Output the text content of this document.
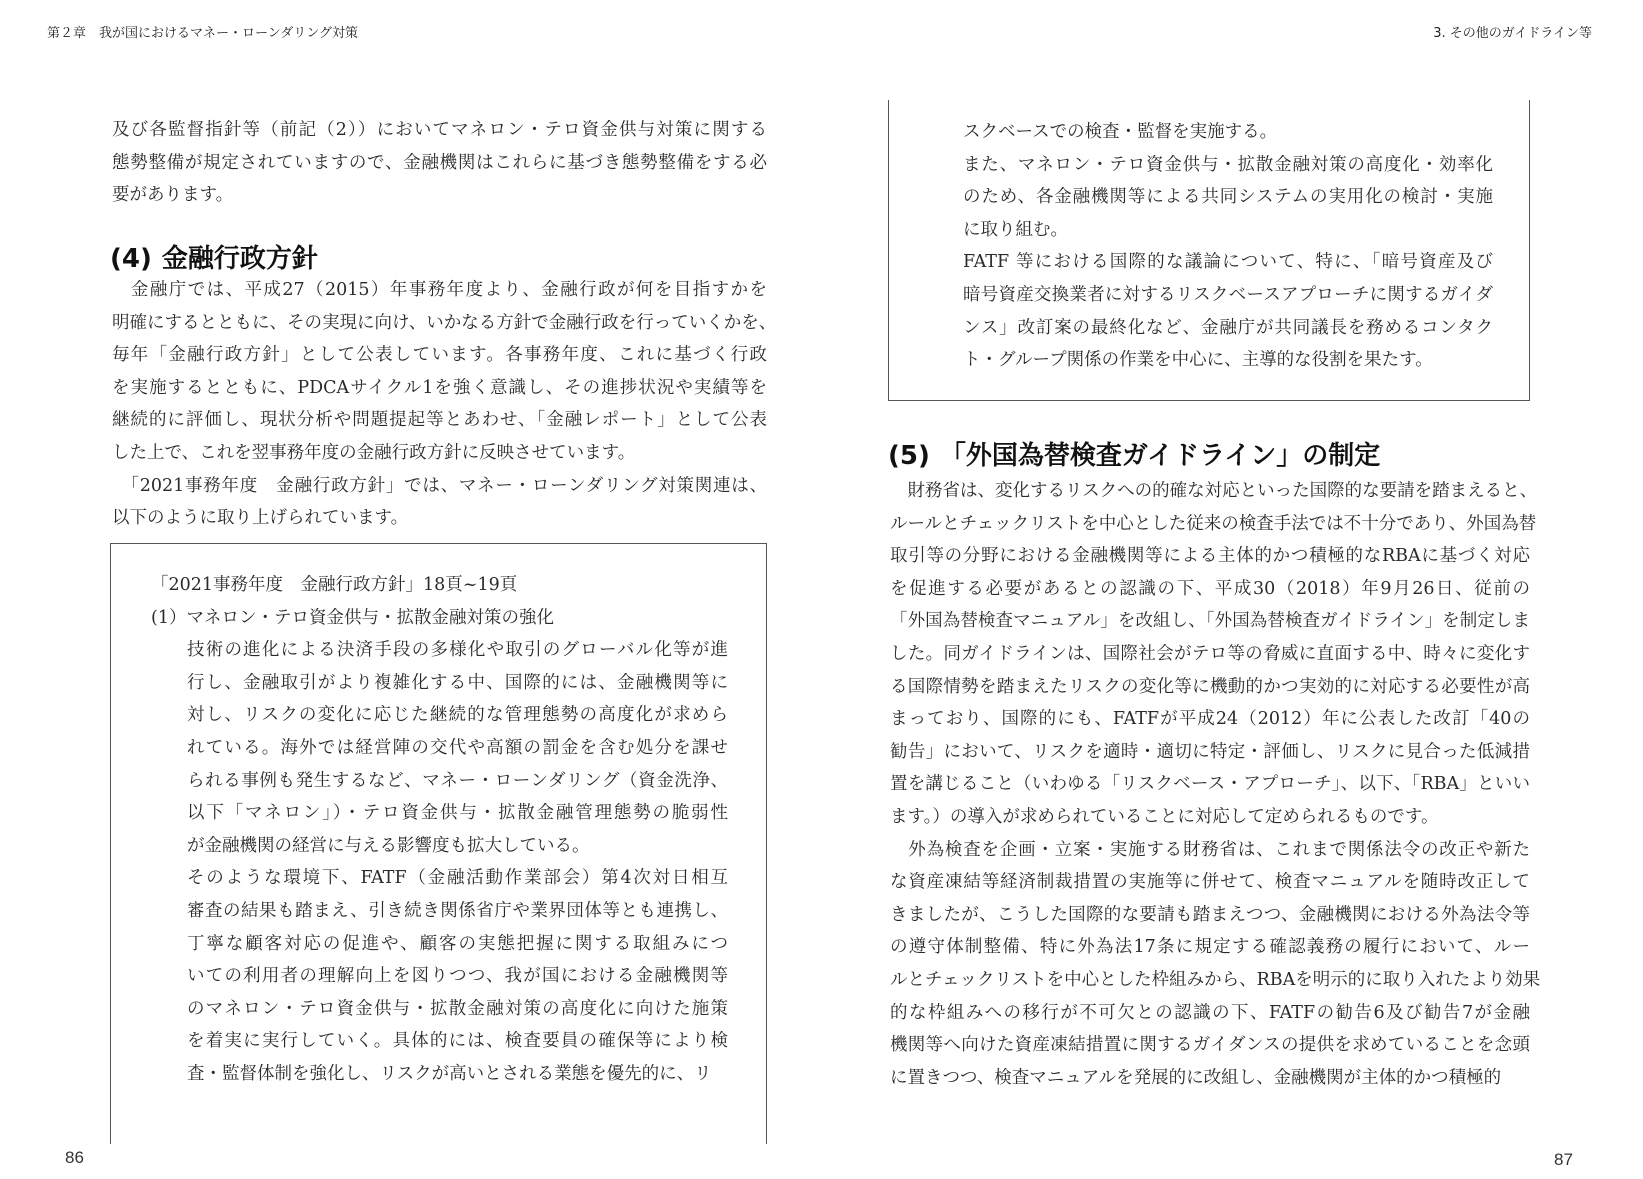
第２章　我が国におけるマネー・ローンダリング対策
及び各監督指針等（前記（2））においてマネロン・テロ資金供与対策に関する
態勢整備が規定されていますので、金融機関はこれらに基づき態勢整備をする必
要があります。
(4) 金融行政方針
　金融庁では、平成27（2015）年事務年度より、金融行政が何を目指すかを
明確にするとともに、その実現に向け、いかなる方針で金融行政を行っていくかを、
毎年「金融行政方針」として公表しています。各事務年度、これに基づく行政
を実施するとともに、PDCAサイクル1を強く意識し、その進捗状況や実績等を
継続的に評価し、現状分析や問題提起等とあわせ、「金融レポート」として公表
した上で、これを翌事務年度の金融行政方針に反映させています。
　「2021事務年度　金融行政方針」では、マネー・ローンダリング対策関連は、
以下のように取り上げられています。
「2021事務年度　金融行政方針」18頁~19頁
(1）マネロン・テロ資金供与・拡散金融対策の強化
技術の進化による決済手段の多様化や取引のグローバル化等が進
行し、金融取引がより複雑化する中、国際的には、金融機関等に
対し、リスクの変化に応じた継続的な管理態勢の高度化が求めら
れている。海外では経営陣の交代や高額の罰金を含む処分を課せ
られる事例も発生するなど、マネー・ローンダリング（資金洗浄、
以下「マネロン」）・テロ資金供与・拡散金融管理態勢の脆弱性
が金融機関の経営に与える影響度も拡大している。
そのような環境下、FATF（金融活動作業部会）第4次対日相互
審査の結果も踏まえ、引き続き関係省庁や業界団体等とも連携し、
丁寧な顧客対応の促進や、顧客の実態把握に関する取組みにつ
いての利用者の理解向上を図りつつ、我が国における金融機関等
のマネロン・テロ資金供与・拡散金融対策の高度化に向けた施策
を着実に実行していく。具体的には、検査要員の確保等により検
査・監督体制を強化し、リスクが高いとされる業態を優先的に、リ
86
3. その他のガイドライン等
スクベースでの検査・監督を実施する。
また、マネロン・テロ資金供与・拡散金融対策の高度化・効率化
のため、各金融機関等による共同システムの実用化の検討・実施
に取り組む。
FATF 等における国際的な議論について、特に、「暗号資産及び
暗号資産交換業者に対するリスクベースアプローチに関するガイダ
ンス」改訂案の最終化など、金融庁が共同議長を務めるコンタク
ト・グループ関係の作業を中心に、主導的な役割を果たす。
(5) 「外国為替検査ガイドライン」の制定
　財務省は、変化するリスクへの的確な対応といった国際的な要請を踏まえると、
ルールとチェックリストを中心とした従来の検査手法では不十分であり、外国為替
取引等の分野における金融機関等による主体的かつ積極的なRBAに基づく対応
を促進する必要があるとの認識の下、平成30（2018）年9月26日、従前の
「外国為替検査マニュアル」を改組し、「外国為替検査ガイドライン」を制定しま
した。同ガイドラインは、国際社会がテロ等の脅威に直面する中、時々に変化す
る国際情勢を踏まえたリスクの変化等に機動的かつ実効的に対応する必要性が高
まっており、国際的にも、FATFが平成24（2012）年に公表した改訂「40の
勧告」において、リスクを適時・適切に特定・評価し、リスクに見合った低減措
置を講じること（いわゆる「リスクベース・アプローチ」、以下、「RBA」といい
ます。）の導入が求められていることに対応して定められるものです。
　外為検査を企画・立案・実施する財務省は、これまで関係法令の改正や新た
な資産凍結等経済制裁措置の実施等に併せて、検査マニュアルを随時改正して
きましたが、こうした国際的な要請も踏まえつつ、金融機関における外為法令等
の遵守体制整備、特に外為法17条に規定する確認義務の履行において、ルー
ルとチェックリストを中心とした枠組みから、RBAを明示的に取り入れたより効果
的な枠組みへの移行が不可欠との認識の下、FATFの勧告6及び勧告7が金融
機関等へ向けた資産凍結措置に関するガイダンスの提供を求めていることを念頭
に置きつつ、検査マニュアルを発展的に改組し、金融機関が主体的かつ積極的
87
